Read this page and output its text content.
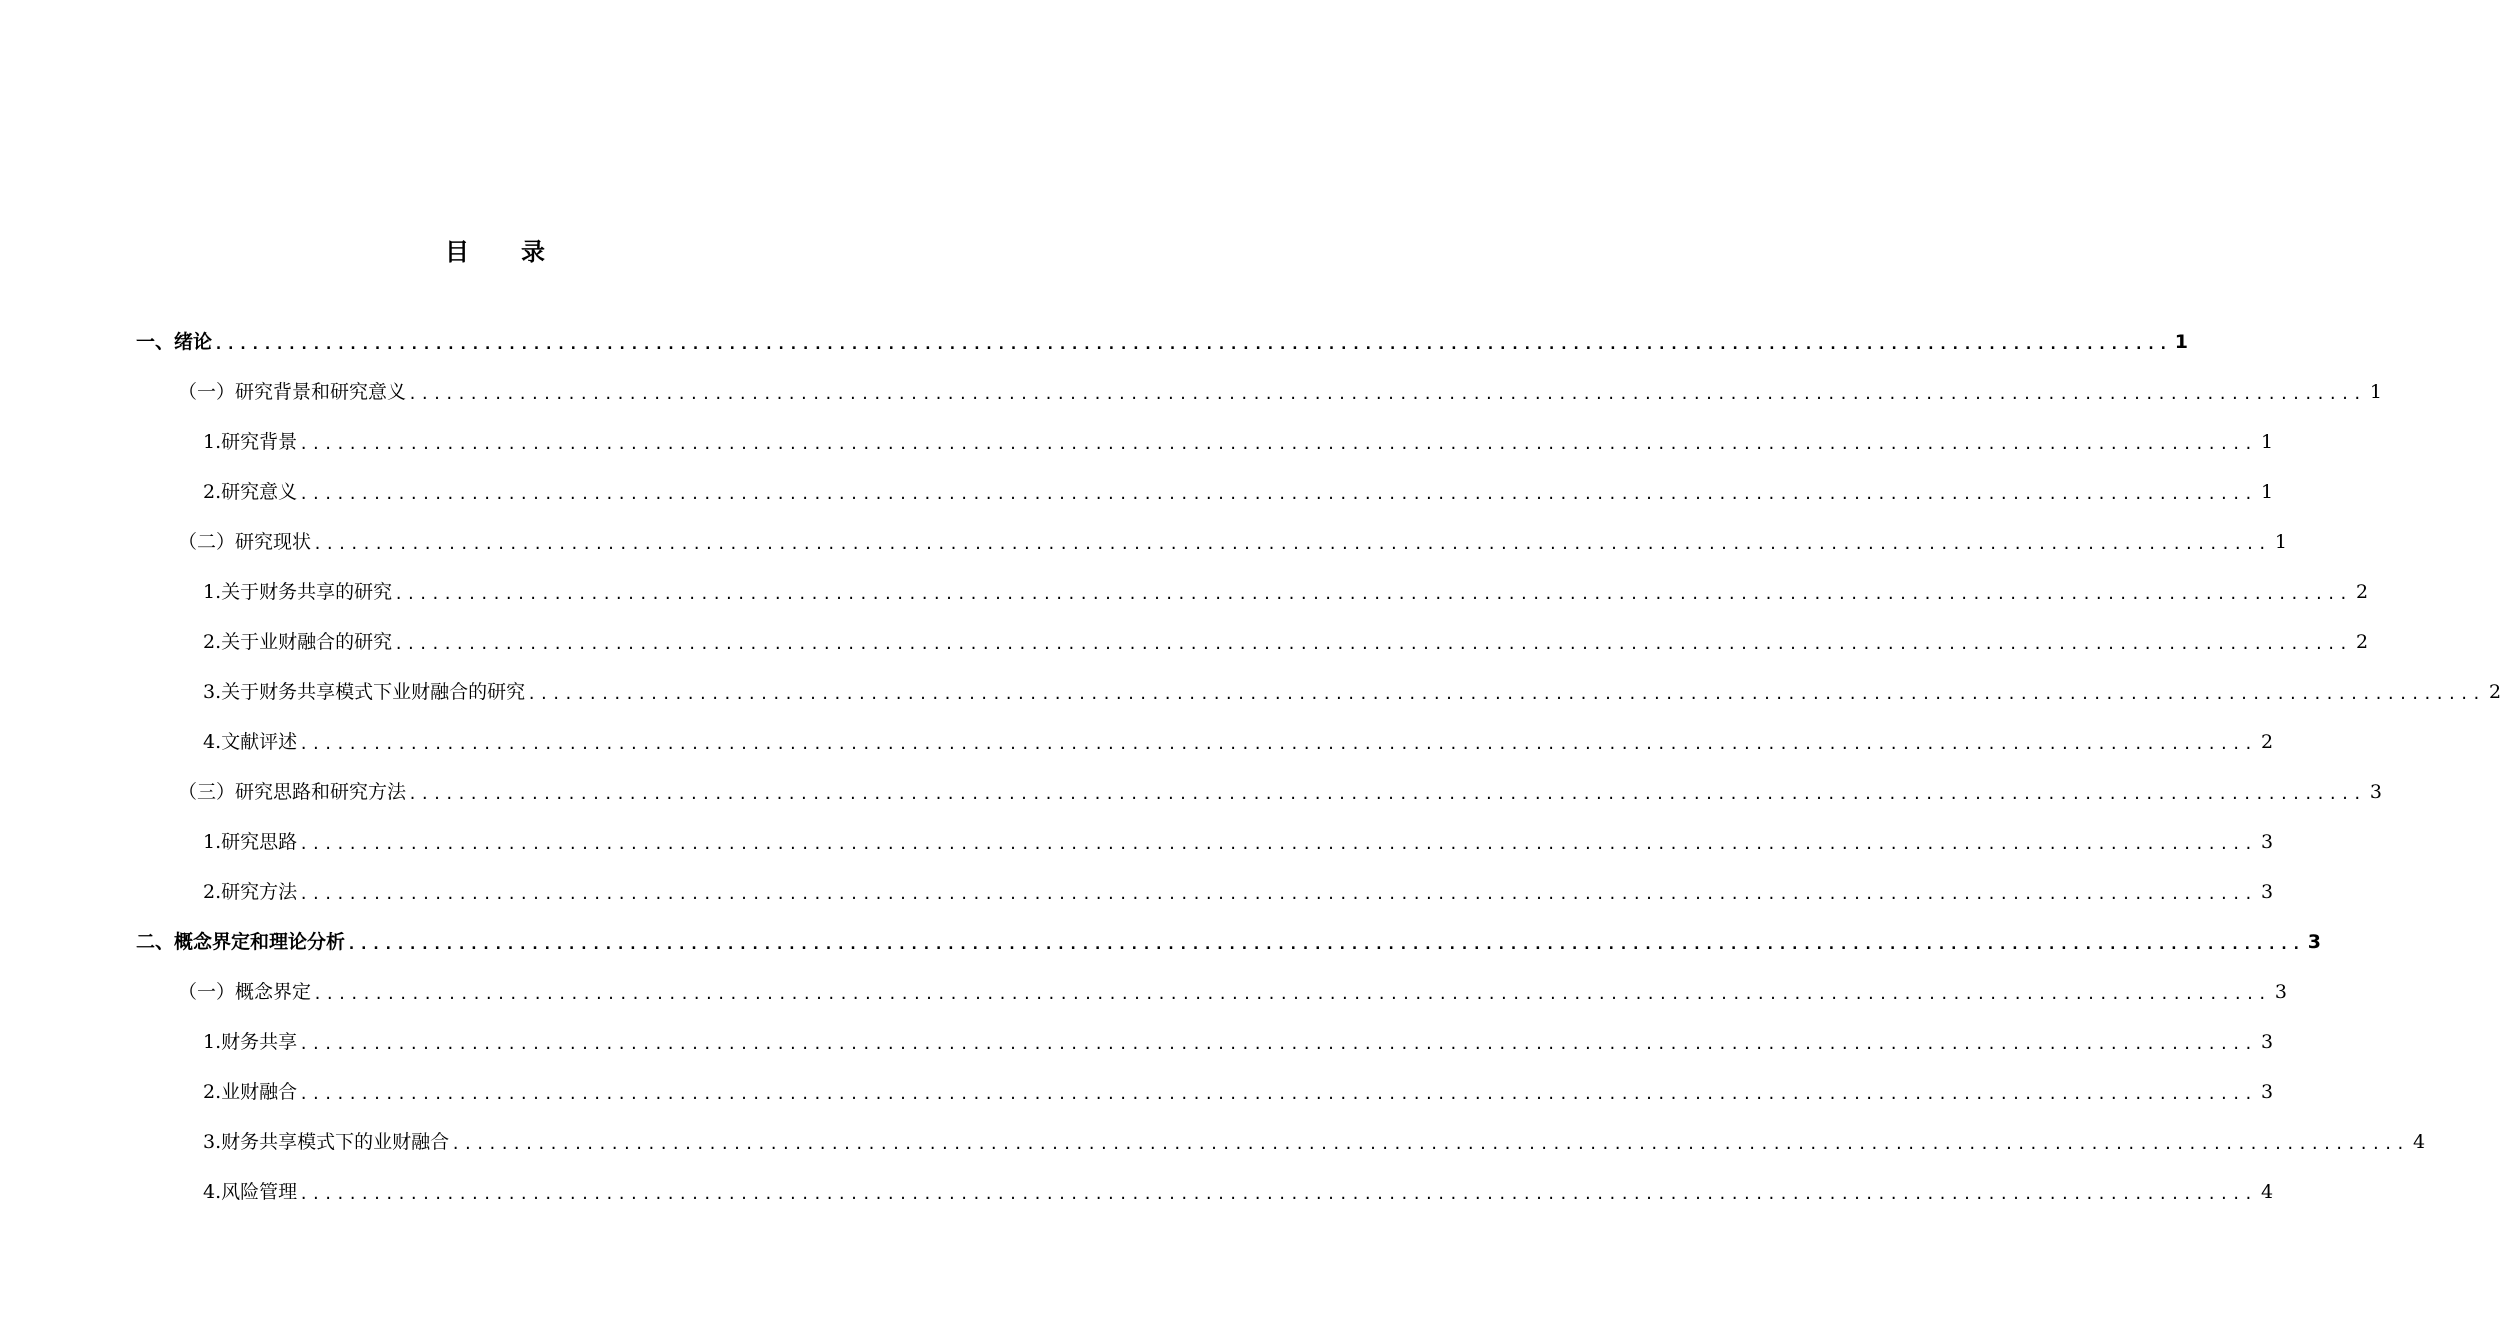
目 录
一、绪论 ................................................................................................................................................................ 1
（一）研究背景和研究意义 ................................................................................................................................................................ 1
1.研究背景 ................................................................................................................................................................ 1
2.研究意义 ................................................................................................................................................................ 1
（二）研究现状 ................................................................................................................................................................ 1
1.关于财务共享的研究 ................................................................................................................................................................ 2
2.关于业财融合的研究 ................................................................................................................................................................ 2
3.关于财务共享模式下业财融合的研究 ................................................................................................................................................................ 2
4.文献评述 ................................................................................................................................................................ 2
（三）研究思路和研究方法 ................................................................................................................................................................ 3
1.研究思路 ................................................................................................................................................................ 3
2.研究方法 ................................................................................................................................................................ 3
二、概念界定和理论分析 ................................................................................................................................................................ 3
（一）概念界定 ................................................................................................................................................................ 3
1.财务共享 ................................................................................................................................................................ 3
2.业财融合 ................................................................................................................................................................ 3
3.财务共享模式下的业财融合 ................................................................................................................................................................ 4
4.风险管理 ................................................................................................................................................................ 4
